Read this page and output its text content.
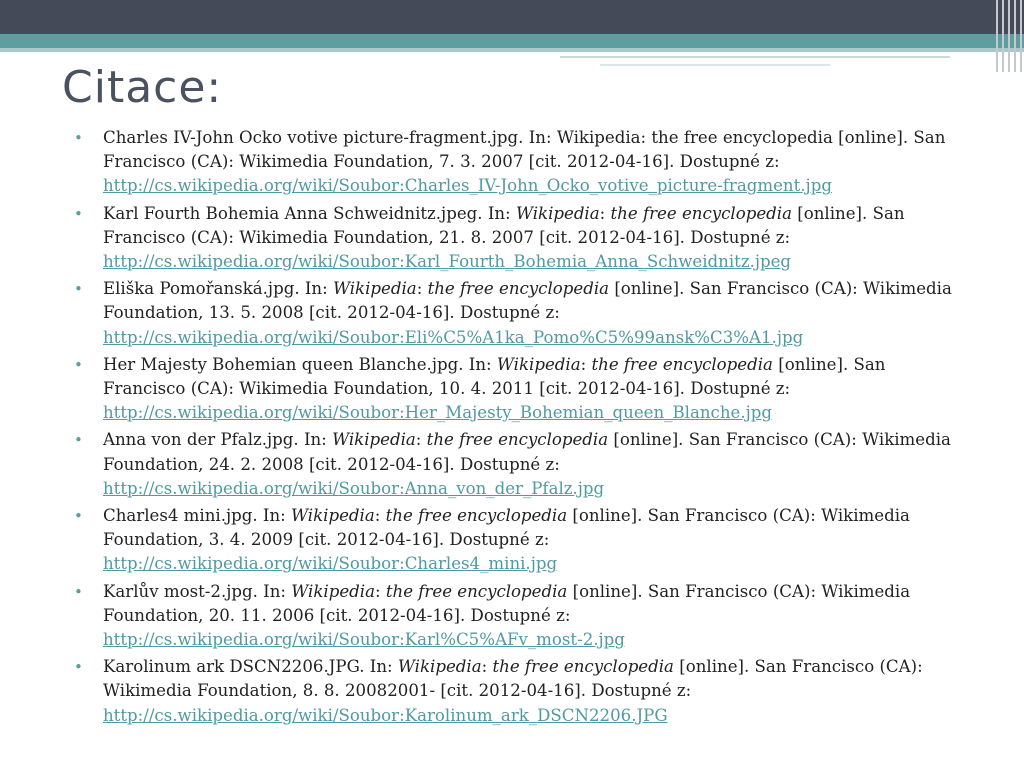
Citace:
• Charles IV-John Ocko votive picture-fragment.jpg. In: Wikipedia: the free encyclopedia [online]. San Francisco (CA): Wikimedia Foundation, 7. 3. 2007 [cit. 2012-04-16]. Dostupné z: http://cs.wikipedia.org/wiki/Soubor:Charles_IV-John_Ocko_votive_picture-fragment.jpg
• Karl Fourth Bohemia Anna Schweidnitz.jpeg. In: Wikipedia: the free encyclopedia [online]. San Francisco (CA): Wikimedia Foundation, 21. 8. 2007 [cit. 2012-04-16]. Dostupné z: http://cs.wikipedia.org/wiki/Soubor:Karl_Fourth_Bohemia_Anna_Schweidnitz.jpeg
• Eliška Pomořanská.jpg. In: Wikipedia: the free encyclopedia [online]. San Francisco (CA): Wikimedia Foundation, 13. 5. 2008 [cit. 2012-04-16]. Dostupné z: http://cs.wikipedia.org/wiki/Soubor:Eli%C5%A1ka_Pomo%C5%99ansk%C3%A1.jpg
• Her Majesty Bohemian queen Blanche.jpg. In: Wikipedia: the free encyclopedia [online]. San Francisco (CA): Wikimedia Foundation, 10. 4. 2011 [cit. 2012-04-16]. Dostupné z: http://cs.wikipedia.org/wiki/Soubor:Her_Majesty_Bohemian_queen_Blanche.jpg
• Anna von der Pfalz.jpg. In: Wikipedia: the free encyclopedia [online]. San Francisco (CA): Wikimedia Foundation, 24. 2. 2008 [cit. 2012-04-16]. Dostupné z: http://cs.wikipedia.org/wiki/Soubor:Anna_von_der_Pfalz.jpg
• Charles4 mini.jpg. In: Wikipedia: the free encyclopedia [online]. San Francisco (CA): Wikimedia Foundation, 3. 4. 2009 [cit. 2012-04-16]. Dostupné z: http://cs.wikipedia.org/wiki/Soubor:Charles4_mini.jpg
• Karlův most-2.jpg. In: Wikipedia: the free encyclopedia [online]. San Francisco (CA): Wikimedia Foundation, 20. 11. 2006 [cit. 2012-04-16]. Dostupné z: http://cs.wikipedia.org/wiki/Soubor:Karl%C5%AFv_most-2.jpg
• Karolinum ark DSCN2206.JPG. In: Wikipedia: the free encyclopedia [online]. San Francisco (CA): Wikimedia Foundation, 8. 8. 20082001- [cit. 2012-04-16]. Dostupné z: http://cs.wikipedia.org/wiki/Soubor:Karolinum_ark_DSCN2206.JPG
